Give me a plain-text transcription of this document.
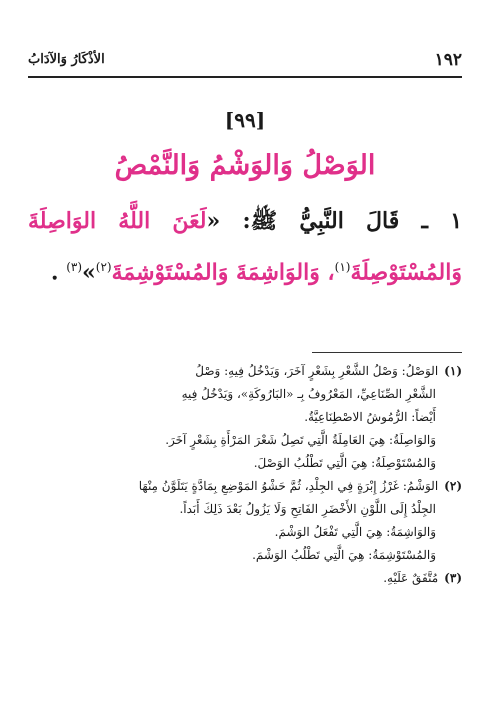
١٩٢
الأذْكَارُ وَالآدَابُ
[٩٩]
الوَصْلُ وَالوَشْمُ وَالنَّمْصُ
١ ـ قَالَ النَّبِيُّ ﷺ: «لَعَنَ اللَّهُ الوَاصِلَةَ وَالمُسْتَوْصِلَةَ$^{(١)}$، وَالوَاشِمَةَ وَالمُسْتَوْشِمَةَ$^{(٢)}$»$^{(٣)}$ .
(١)الوَصْلُ: وَصْلُ الشَّعْرِ بِشَعْرٍ آخَرَ، وَيَدْخُلُ فِيهِ: وَصْلُ
الشَّعْرِ الصِّنَاعِيِّ، المَعْرُوفُ بِـ «البَارُوكَةِ»، وَيَدْخُلُ فِيهِ
أَيْضاً: الرُّمُوشُ الاصْطِنَاعِيَّةُ.
وَالوَاصِلَةُ: هِيَ العَامِلَةُ الَّتِي تَصِلُ شَعْرَ المَرْأَةِ بِشَعْرٍ آخَرَ.
وَالمُسْتَوْصِلَةُ: هِيَ الَّتِي تَطْلُبُ الوَصْلَ.
(٢)الوَشْمُ: غَرْزُ إِبْرَةٍ فِي الجِلْدِ، ثُمَّ حَشْوُ المَوْضِعِ بِمَادَّةٍ يَتَلَوَّنُ مِنْهَا
الجِلْدُ إِلَى اللَّوْنِ الأَخْضَرِ الفَاتِحِ وَلَا يَزُولُ بَعْدَ ذَلِكَ أَبَداً.
وَالوَاشِمَةُ: هِيَ الَّتِي تَفْعَلُ الوَشْمَ.
وَالمُسْتَوْشِمَةُ: هِيَ الَّتِي تَطْلُبُ الوَشْمَ.
(٣)مُتَّفَقٌ عَلَيْهِ.
